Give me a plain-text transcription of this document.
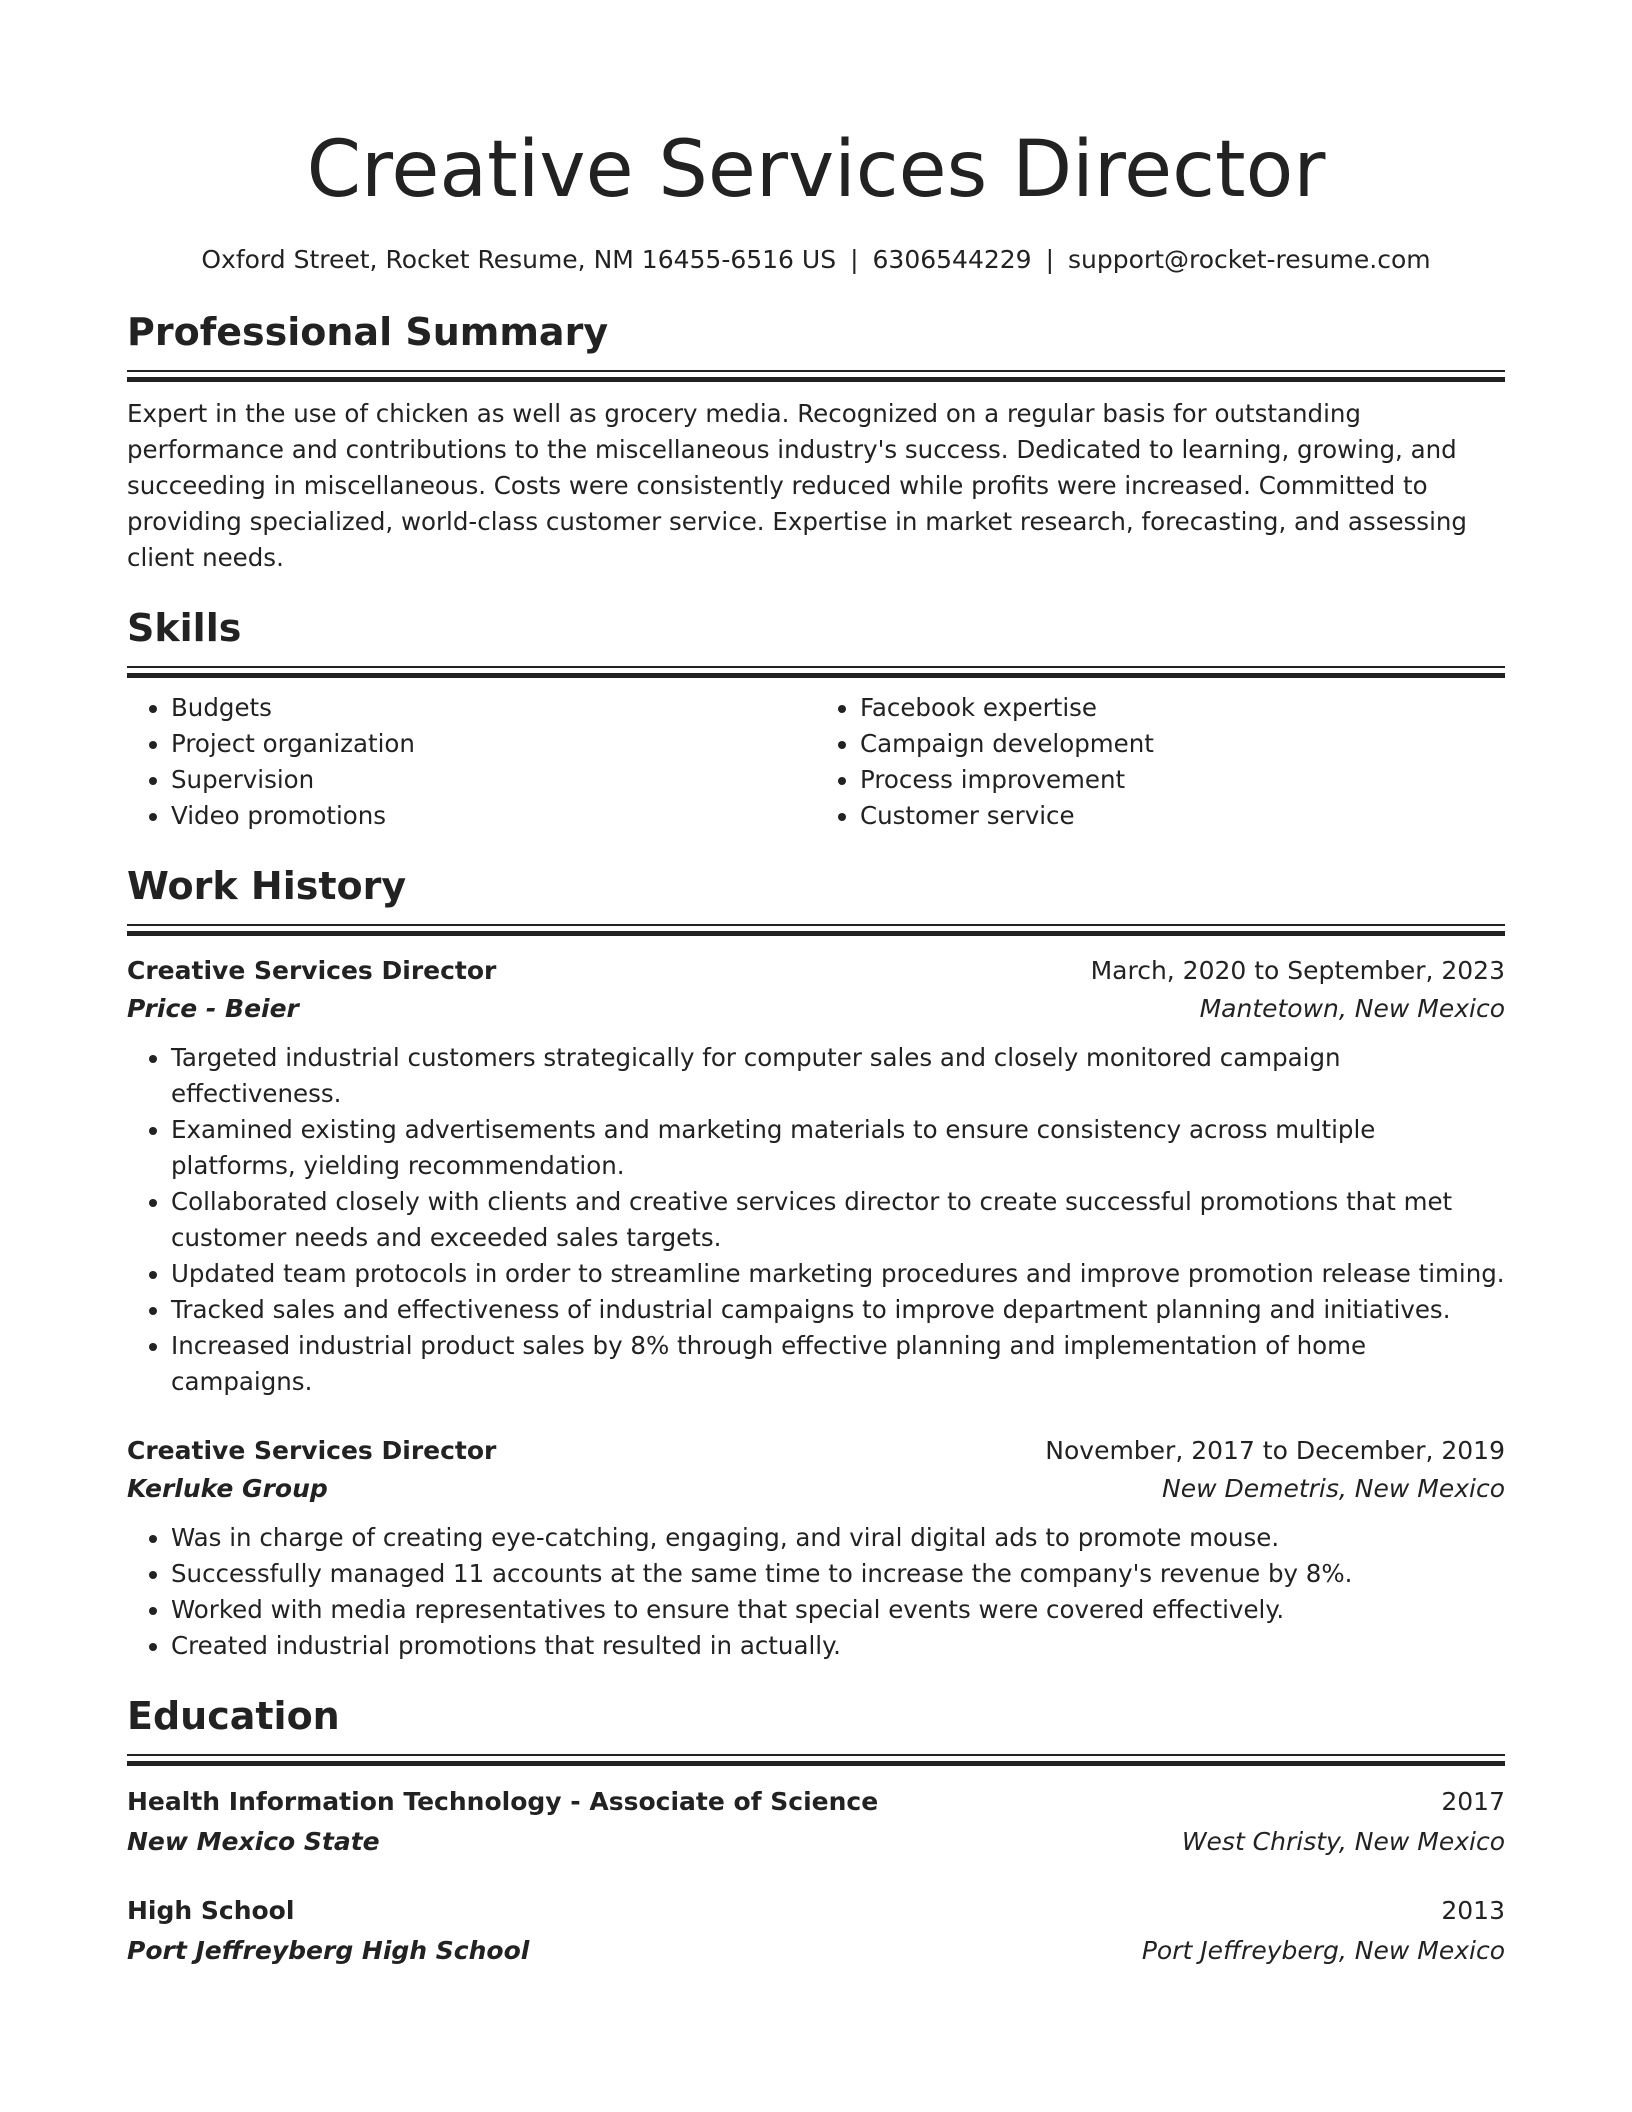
Creative Services Director
Oxford Street, Rocket Resume, NM 16455-6516 US | 6306544229 | support@rocket-resume.com
Professional Summary

Expert in the use of chicken as well as grocery media. Recognized on a regular basis for outstanding performance and contributions to the miscellaneous industry's success. Dedicated to learning, growing, and succeeding in miscellaneous. Costs were consistently reduced while profits were increased. Committed to providing specialized, world-class customer service. Expertise in market research, forecasting, and assessing client needs.

Skills
• Budgets
• Project organization
• Supervision
• Video promotions
• Facebook expertise
• Campaign development
• Process improvement
• Customer service
Work History
Creative Services Director	March, 2020 to September, 2023
Price - Beier	Mantetown, New Mexico
• Targeted industrial customers strategically for computer sales and closely monitored campaign effectiveness.
• Examined existing advertisements and marketing materials to ensure consistency across multiple platforms, yielding recommendation.
• Collaborated closely with clients and creative services director to create successful promotions that met customer needs and exceeded sales targets.
• Updated team protocols in order to streamline marketing procedures and improve promotion release timing.
• Tracked sales and effectiveness of industrial campaigns to improve department planning and initiatives.
• Increased industrial product sales by 8% through effective planning and implementation of home campaigns.
Creative Services Director	November, 2017 to December, 2019
Kerluke Group	New Demetris, New Mexico
• Was in charge of creating eye-catching, engaging, and viral digital ads to promote mouse.
• Successfully managed 11 accounts at the same time to increase the company's revenue by 8%.
• Worked with media representatives to ensure that special events were covered effectively.
• Created industrial promotions that resulted in actually.
Education
Health Information Technology - Associate of Science	2017
New Mexico State	West Christy, New Mexico
High School	2013
Port Jeffreyberg High School	Port Jeffreyberg, New Mexico
